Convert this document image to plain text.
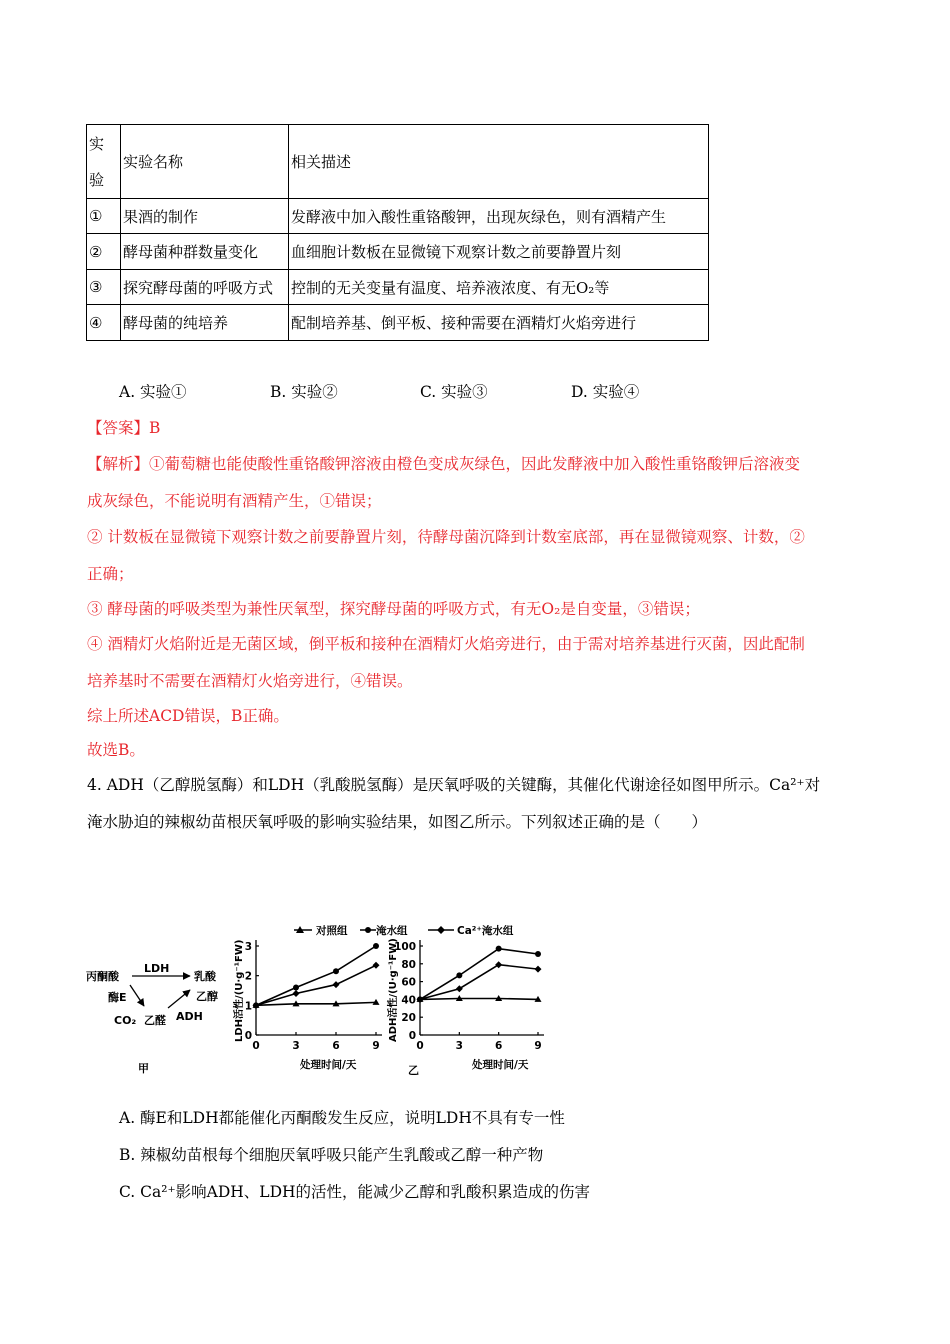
实验	实验名称	相关描述
①	果酒的制作	发酵液中加入酸性重铬酸钾，出现灰绿色，则有酒精产生
②	酵母菌种群数量变化	血细胞计数板在显微镜下观察计数之前要静置片刻
③	探究酵母菌的呼吸方式	控制的无关变量有温度、培养液浓度、有无O₂等
④	酵母菌的纯培养	配制培养基、倒平板、接种需要在酒精灯火焰旁进行
A. 实验①	B. 实验②	C. 实验③	D. 实验④
【答案】B
【解析】①葡萄糖也能使酸性重铬酸钾溶液由橙色变成灰绿色，因此发酵液中加入酸性重铬酸钾后溶液变
成灰绿色，不能说明有酒精产生，①错误；
② 计数板在显微镜下观察计数之前要静置片刻，待酵母菌沉降到计数室底部，再在显微镜观察、计数，②
正确；
③ 酵母菌的呼吸类型为兼性厌氧型，探究酵母菌的呼吸方式，有无O₂是自变量，③错误；
④ 酒精灯火焰附近是无菌区域，倒平板和接种在酒精灯火焰旁进行，由于需对培养基进行灭菌，因此配制
培养基时不需要在酒精灯火焰旁进行，④错误。
综上所述ACD错误，B正确。
故选B。
4. ADH（乙醇脱氢酶）和LDH（乳酸脱氢酶）是厌氧呼吸的关键酶，其催化代谢途径如图甲所示。Ca²⁺对
淹水胁迫的辣椒幼苗根厌氧呼吸的影响实验结果，如图乙所示。下列叙述正确的是（　　）
丙酮酸
LDH
乳酸
酶E
CO₂ 乙醛
乙醇
ADH
甲
对照组	淹水组	Ca²⁺淹水组
LDH活性/(U·g⁻¹FW)
处理时间/天
0
1
2
3
0	3	6	9
ADH活性/(U·g⁻¹FW)
处理时间/天
0
20
40
60
80
100
0	3	6	9
乙
A. 酶E和LDH都能催化丙酮酸发生反应，说明LDH不具有专一性
B. 辣椒幼苗根每个细胞厌氧呼吸只能产生乳酸或乙醇一种产物
C. Ca²⁺影响ADH、LDH的活性，能减少乙醇和乳酸积累造成的伤害
